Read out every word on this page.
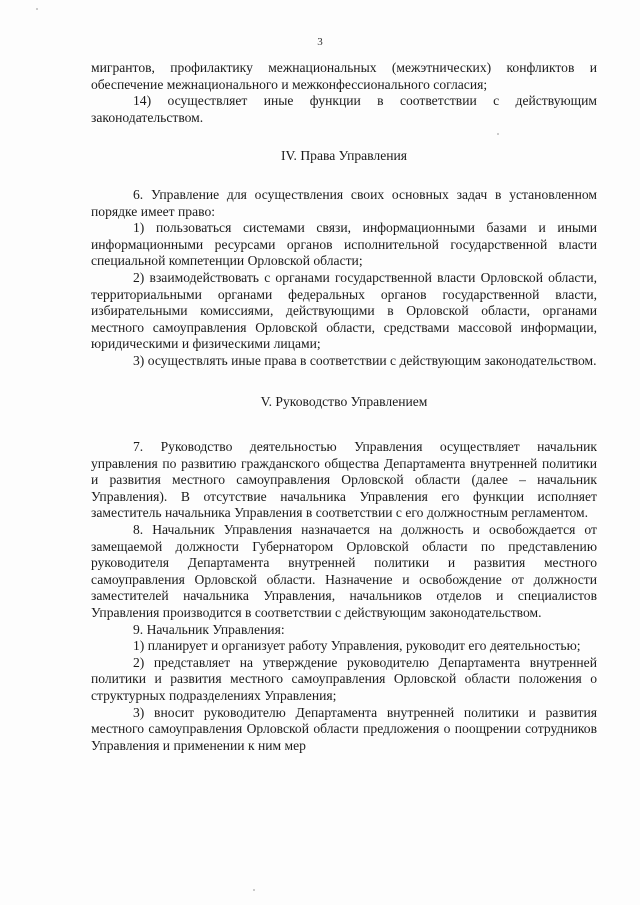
3

мигрантов, профилактику межнациональных (межэтнических) конфликтов и обеспечение межнационального и межконфессионального согласия;

14) осуществляет иные функции в соответствии с действующим законодательством.

IV. Права Управления

6. Управление для осуществления своих основных задач в установленном порядке имеет право:

1) пользоваться системами связи, информационными базами и иными информационными ресурсами органов исполнительной государственной власти специальной компетенции Орловской области;

2) взаимодействовать с органами государственной власти Орловской области, территориальными органами федеральных органов государственной власти, избирательными комиссиями, действующими в Орловской области, органами местного самоуправления Орловской области, средствами массовой информации, юридическими и физическими лицами;

3) осуществлять иные права в соответствии с действующим законодательством.

V. Руководство Управлением

7. Руководство деятельностью Управления осуществляет начальник управления по развитию гражданского общества Департамента внутренней политики и развития местного самоуправления Орловской области (далее – начальник Управления). В отсутствие начальника Управления его функции исполняет заместитель начальника Управления в соответствии с его должностным регламентом.

8. Начальник Управления назначается на должность и освобождается от замещаемой должности Губернатором Орловской области по представлению руководителя Департамента внутренней политики и развития местного самоуправления Орловской области. Назначение и освобождение от должности заместителей начальника Управления, начальников отделов и специалистов Управления производится в соответствии с действующим законодательством.

9. Начальник Управления:

1) планирует и организует работу Управления, руководит его деятельностью;

2) представляет на утверждение руководителю Департамента внутренней политики и развития местного самоуправления Орловской области положения о структурных подразделениях Управления;

3) вносит руководителю Департамента внутренней политики и развития местного самоуправления Орловской области предложения о поощрении сотрудников Управления и применении к ним мер
